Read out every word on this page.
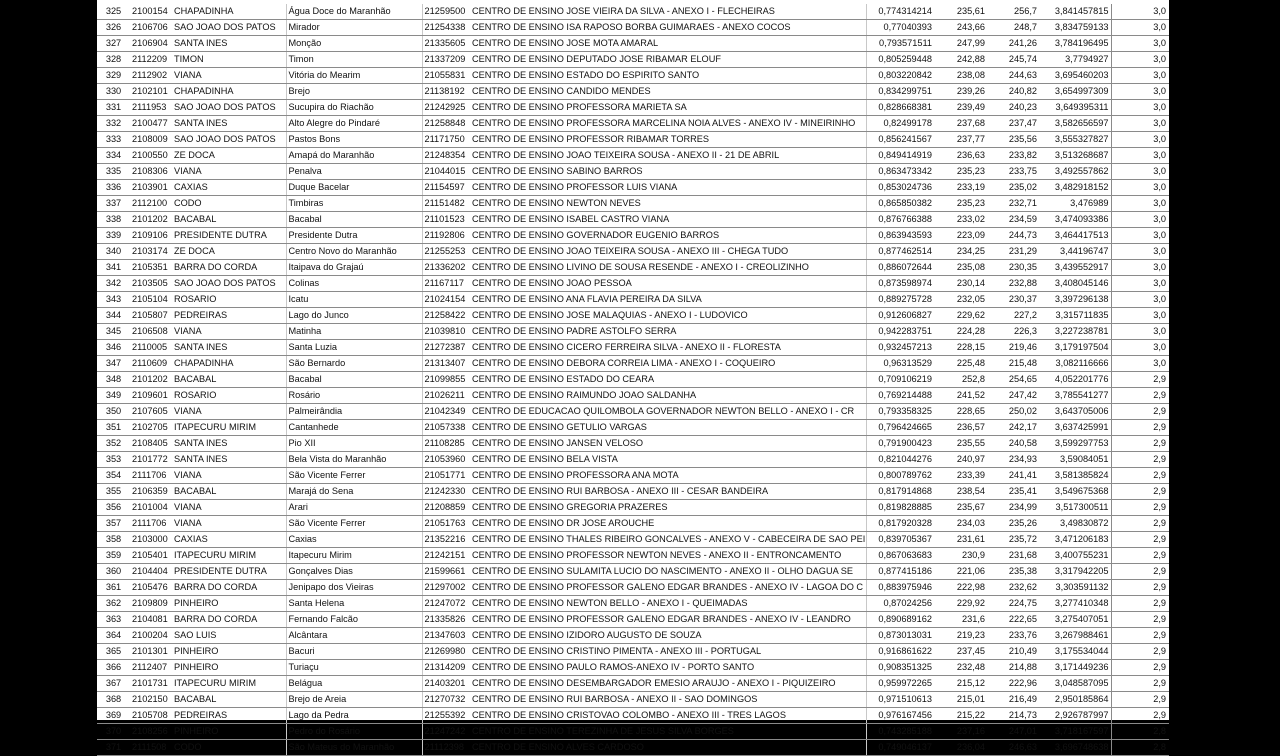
325	2100154	CHAPADINHA	Água Doce do Maranhão	21259500	CENTRO DE ENSINO JOSE VIEIRA DA SILVA - ANEXO I - FLECHEIRAS	0,774314214	235,61	256,7	3,841457815	3,0
326	2106706	SAO JOAO DOS PATOS	Mirador	21254338	CENTRO DE ENSINO ISA RAPOSO BORBA GUIMARAES - ANEXO COCOS	0,77040393	243,66	248,7	3,834759133	3,0
327	2106904	SANTA INES	Monção	21335605	CENTRO DE ENSINO JOSE MOTA AMARAL	0,793571511	247,99	241,26	3,784196495	3,0
328	2112209	TIMON	Timon	21337209	CENTRO DE ENSINO DEPUTADO JOSE RIBAMAR ELOUF	0,805259448	242,88	245,74	3,7794927	3,0
329	2112902	VIANA	Vitória do Mearim	21055831	CENTRO DE ENSINO ESTADO DO ESPIRITO SANTO	0,803220842	238,08	244,63	3,695460203	3,0
330	2102101	CHAPADINHA	Brejo	21138192	CENTRO DE ENSINO CANDIDO MENDES	0,834299751	239,26	240,82	3,654997309	3,0
331	2111953	SAO JOAO DOS PATOS	Sucupira do Riachão	21242925	CENTRO DE ENSINO PROFESSORA MARIETA SA	0,828668381	239,49	240,23	3,649395311	3,0
332	2100477	SANTA INES	Alto Alegre do Pindaré	21258848	CENTRO DE ENSINO PROFESSORA MARCELINA NOIA ALVES - ANEXO IV - MINEIRINHO	0,82499178	237,68	237,47	3,582656597	3,0
333	2108009	SAO JOAO DOS PATOS	Pastos Bons	21171750	CENTRO DE ENSINO PROFESSOR RIBAMAR TORRES	0,856241567	237,77	235,56	3,555327827	3,0
334	2100550	ZE DOCA	Amapá do Maranhão	21248354	CENTRO DE ENSINO JOAO TEIXEIRA SOUSA - ANEXO II - 21 DE ABRIL	0,849414919	236,63	233,82	3,513268687	3,0
335	2108306	VIANA	Penalva	21044015	CENTRO DE ENSINO SABINO BARROS	0,863473342	235,23	233,75	3,492557862	3,0
336	2103901	CAXIAS	Duque Bacelar	21154597	CENTRO DE ENSINO PROFESSOR LUIS VIANA	0,853024736	233,19	235,02	3,482918152	3,0
337	2112100	CODO	Timbiras	21151482	CENTRO DE ENSINO NEWTON NEVES	0,865850382	235,23	232,71	3,476989	3,0
338	2101202	BACABAL	Bacabal	21101523	CENTRO DE ENSINO ISABEL CASTRO VIANA	0,876766388	233,02	234,59	3,474093386	3,0
339	2109106	PRESIDENTE DUTRA	Presidente Dutra	21192806	CENTRO DE ENSINO GOVERNADOR EUGENIO BARROS	0,863943593	223,09	244,73	3,464417513	3,0
340	2103174	ZE DOCA	Centro Novo do Maranhão	21255253	CENTRO DE ENSINO JOAO TEIXEIRA SOUSA - ANEXO III - CHEGA TUDO	0,877462514	234,25	231,29	3,44196747	3,0
341	2105351	BARRA DO CORDA	Itaipava do Grajaú	21336202	CENTRO DE ENSINO LIVINO DE SOUSA RESENDE - ANEXO I - CREOLIZINHO	0,886072644	235,08	230,35	3,439552917	3,0
342	2103505	SAO JOAO DOS PATOS	Colinas	21167117	CENTRO DE ENSINO JOAO PESSOA	0,873598974	230,14	232,88	3,408045146	3,0
343	2105104	ROSARIO	Icatu	21024154	CENTRO DE ENSINO ANA FLAVIA PEREIRA DA SILVA	0,889275728	232,05	230,37	3,397296138	3,0
344	2105807	PEDREIRAS	Lago do Junco	21258422	CENTRO DE ENSINO JOSE MALAQUIAS - ANEXO I - LUDOVICO	0,912606827	229,62	227,2	3,315711835	3,0
345	2106508	VIANA	Matinha	21039810	CENTRO DE ENSINO PADRE ASTOLFO SERRA	0,942283751	224,28	226,3	3,227238781	3,0
346	2110005	SANTA INES	Santa Luzia	21272387	CENTRO DE ENSINO CICERO FERREIRA SILVA - ANEXO II - FLORESTA	0,932457213	228,15	219,46	3,179197504	3,0
347	2110609	CHAPADINHA	São Bernardo	21313407	CENTRO DE ENSINO DEBORA CORREIA LIMA - ANEXO I - COQUEIRO	0,96313529	225,48	215,48	3,082116666	3,0
348	2101202	BACABAL	Bacabal	21099855	CENTRO DE ENSINO ESTADO DO CEARA	0,709106219	252,8	254,65	4,052201776	2,9
349	2109601	ROSARIO	Rosário	21026211	CENTRO DE ENSINO RAIMUNDO JOAO SALDANHA	0,769214488	241,52	247,42	3,785541277	2,9
350	2107605	VIANA	Palmeirândia	21042349	CENTRO DE EDUCACAO QUILOMBOLA GOVERNADOR NEWTON BELLO - ANEXO I - CR	0,793358325	228,65	250,02	3,643705006	2,9
351	2102705	ITAPECURU MIRIM	Cantanhede	21057338	CENTRO DE ENSINO GETULIO VARGAS	0,796424665	236,57	242,17	3,637425991	2,9
352	2108405	SANTA INES	Pio XII	21108285	CENTRO DE ENSINO JANSEN VELOSO	0,791900423	235,55	240,58	3,599297753	2,9
353	2101772	SANTA INES	Bela Vista do Maranhão	21053960	CENTRO DE ENSINO BELA VISTA	0,821044276	240,97	234,93	3,59084051	2,9
354	2111706	VIANA	São Vicente Ferrer	21051771	CENTRO DE ENSINO PROFESSORA ANA MOTA	0,800789762	233,39	241,41	3,581385824	2,9
355	2106359	BACABAL	Marajá do Sena	21242330	CENTRO DE ENSINO RUI BARBOSA - ANEXO III - CESAR BANDEIRA	0,817914868	238,54	235,41	3,549675368	2,9
356	2101004	VIANA	Arari	21208859	CENTRO DE ENSINO GREGORIA PRAZERES	0,819828885	235,67	234,99	3,517300511	2,9
357	2111706	VIANA	São Vicente Ferrer	21051763	CENTRO DE ENSINO DR JOSE AROUCHE	0,817920328	234,03	235,26	3,49830872	2,9
358	2103000	CAXIAS	Caxias	21352216	CENTRO DE ENSINO THALES RIBEIRO GONCALVES - ANEXO V - CABECEIRA DE SAO PEI	0,839705367	231,61	235,72	3,471206183	2,9
359	2105401	ITAPECURU MIRIM	Itapecuru Mirim	21242151	CENTRO DE ENSINO PROFESSOR NEWTON NEVES - ANEXO II - ENTRONCAMENTO	0,867063683	230,9	231,68	3,400755231	2,9
360	2104404	PRESIDENTE DUTRA	Gonçalves Dias	21599661	CENTRO DE ENSINO SULAMITA LUCIO DO NASCIMENTO - ANEXO II - OLHO DAGUA SE	0,877415186	221,06	235,38	3,317942205	2,9
361	2105476	BARRA DO CORDA	Jenipapo dos Vieiras	21297002	CENTRO DE ENSINO PROFESSOR GALENO EDGAR BRANDES - ANEXO IV - LAGOA DO C	0,883975946	222,98	232,62	3,303591132	2,9
362	2109809	PINHEIRO	Santa Helena	21247072	CENTRO DE ENSINO NEWTON BELLO - ANEXO I - QUEIMADAS	0,87024256	229,92	224,75	3,277410348	2,9
363	2104081	BARRA DO CORDA	Fernando Falcão	21335826	CENTRO DE ENSINO PROFESSOR GALENO EDGAR BRANDES - ANEXO IV - LEANDRO	0,890689162	231,6	222,65	3,275407051	2,9
364	2100204	SAO LUIS	Alcântara	21347603	CENTRO DE ENSINO IZIDORO AUGUSTO DE SOUZA	0,873013031	219,23	233,76	3,267988461	2,9
365	2101301	PINHEIRO	Bacuri	21269980	CENTRO DE ENSINO CRISTINO PIMENTA - ANEXO III - PORTUGAL	0,916861622	237,45	210,49	3,175534044	2,9
366	2112407	PINHEIRO	Turiaçu	21314209	CENTRO DE ENSINO PAULO RAMOS-ANEXO IV - PORTO SANTO	0,908351325	232,48	214,88	3,171449236	2,9
367	2101731	ITAPECURU MIRIM	Belágua	21403201	CENTRO DE ENSINO DESEMBARGADOR EMESIO ARAUJO - ANEXO I - PIQUIZEIRO	0,959972265	215,12	222,96	3,048587095	2,9
368	2102150	BACABAL	Brejo de Areia	21270732	CENTRO DE ENSINO RUI BARBOSA - ANEXO II - SAO DOMINGOS	0,971510613	215,01	216,49	2,950185864	2,9
369	2105708	PEDREIRAS	Lago da Pedra	21255392	CENTRO DE ENSINO CRISTOVAO COLOMBO - ANEXO III - TRES LAGOS	0,976167456	215,22	214,73	2,926787997	2,9
370	2108256	PINHEIRO	Pedro do Rosário	21247242	CENTRO DE ENSINO TEREZINHA DE JESUS SILVA BORGES	0,743285188	237,16	247,01	3,718167597	2,8
371	2111508	CODO	São Mateus do Maranhão	21112398	CENTRO DE ENSINO ALVES CARDOSO	0,749046137	236,04	246,63	3,696748638	2,8
